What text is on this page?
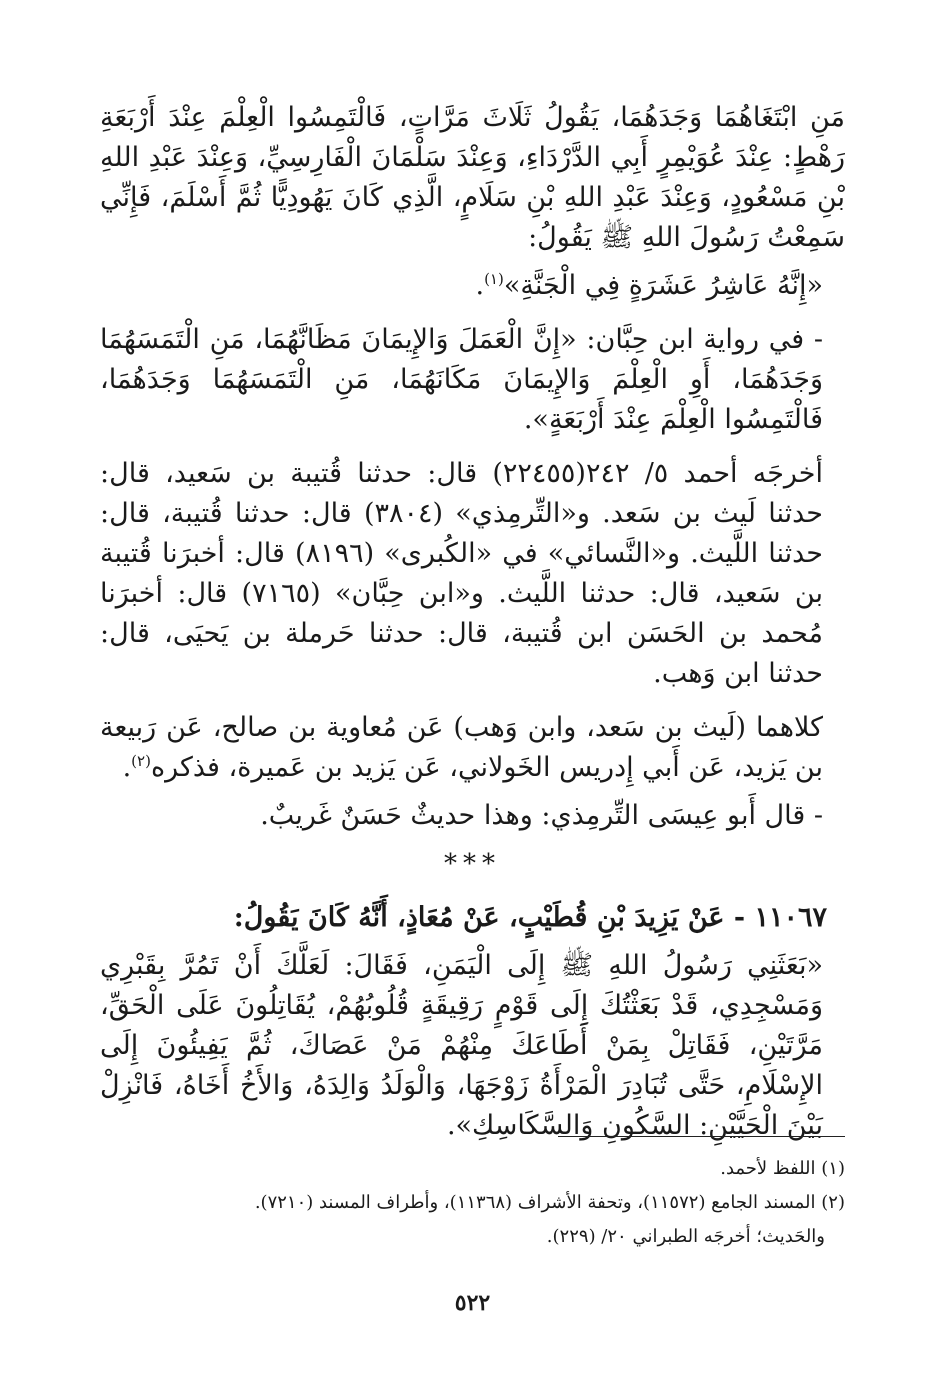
مَنِ ابْتَغَاهُمَا وَجَدَهُمَا، يَقُولُ ثَلَاثَ مَرَّاتٍ، فَالْتَمِسُوا الْعِلْمَ عِنْدَ أَرْبَعَةِ رَهْطٍ: عِنْدَ عُوَيْمِرٍ أَبِي الدَّرْدَاءِ، وَعِنْدَ سَلْمَانَ الْفَارِسِيِّ، وَعِنْدَ عَبْدِ اللهِ بْنِ مَسْعُودٍ، وَعِنْدَ عَبْدِ اللهِ بْنِ سَلَامٍ، الَّذِي كَانَ يَهُودِيًّا ثُمَّ أَسْلَمَ، فَإِنِّي سَمِعْتُ رَسُولَ اللهِ ﷺ يَقُولُ:

«إِنَّهُ عَاشِرُ عَشَرَةٍ فِي الْجَنَّةِ»$^{(١)}$.

- في رواية ابن حِبَّان: «إِنَّ الْعَمَلَ وَالإِيمَانَ مَظَانَّهُمَا، مَنِ الْتَمَسَهُمَا وَجَدَهُمَا، أَوِ الْعِلْمَ وَالإِيمَانَ مَكَانَهُمَا، مَنِ الْتَمَسَهُمَا وَجَدَهُمَا، فَالْتَمِسُوا الْعِلْمَ عِنْدَ أَرْبَعَةٍ».

أخرجَه أحمد ٥/ ٢٤٢(٢٢٤٥٥) قال: حدثنا قُتيبة بن سَعيد، قال: حدثنا لَيث بن سَعد. و«التِّرمِذي» (٣٨٠٤) قال: حدثنا قُتيبة، قال: حدثنا اللَّيث. و«النَّسائي» في «الكُبرى» (٨١٩٦) قال: أخبرَنا قُتيبة بن سَعيد، قال: حدثنا اللَّيث. و«ابن حِبَّان» (٧١٦٥) قال: أخبرَنا مُحمد بن الحَسَن ابن قُتيبة، قال: حدثنا حَرملة بن يَحيَى، قال: حدثنا ابن وَهب.

كلاهما (لَيث بن سَعد، وابن وَهب) عَن مُعاوية بن صالح، عَن رَبيعة بن يَزيد، عَن أَبي إِدريس الخَولاني، عَن يَزيد بن عَميرة، فذكره$^{(٢)}$.

- قال أَبو عِيسَى التِّرمِذي: وهذا حديثٌ حَسَنٌ غَريبٌ.

***

١١٠٦٧ - عَنْ يَزِيدَ بْنِ قُطَيْبٍ، عَنْ مُعَاذٍ، أَنَّهُ كَانَ يَقُولُ:

«بَعَثَنِي رَسُولُ اللهِ ﷺ إِلَى الْيَمَنِ، فَقَالَ: لَعَلَّكَ أَنْ تَمُرَّ بِقَبْرِي وَمَسْجِدِي، قَدْ بَعَثْتُكَ إِلَى قَوْمٍ رَقِيقَةٍ قُلُوبُهُمْ، يُقَاتِلُونَ عَلَى الْحَقِّ، مَرَّتَيْنِ، فَقَاتِلْ بِمَنْ أَطَاعَكَ مِنْهُمْ مَنْ عَصَاكَ، ثُمَّ يَفِيئُونَ إِلَى الإِسْلَامِ، حَتَّى تُبَادِرَ الْمَرْأَةُ زَوْجَهَا، وَالْوَلَدُ وَالِدَهُ، وَالأَخُ أَخَاهُ، فَانْزِلْ بَيْنَ الْحَيَّيْنِ: السَّكُونِ وَالسَّكَاسِكِ».

(١) اللفظ لأحمد.

(٢) المسند الجامع (١١٥٧٢)، وتحفة الأشراف (١١٣٦٨)، وأطراف المسند (٧٢١٠).

والحَديث؛ أخرجَه الطبراني ٢٠/ (٢٢٩).

٥٢٢
